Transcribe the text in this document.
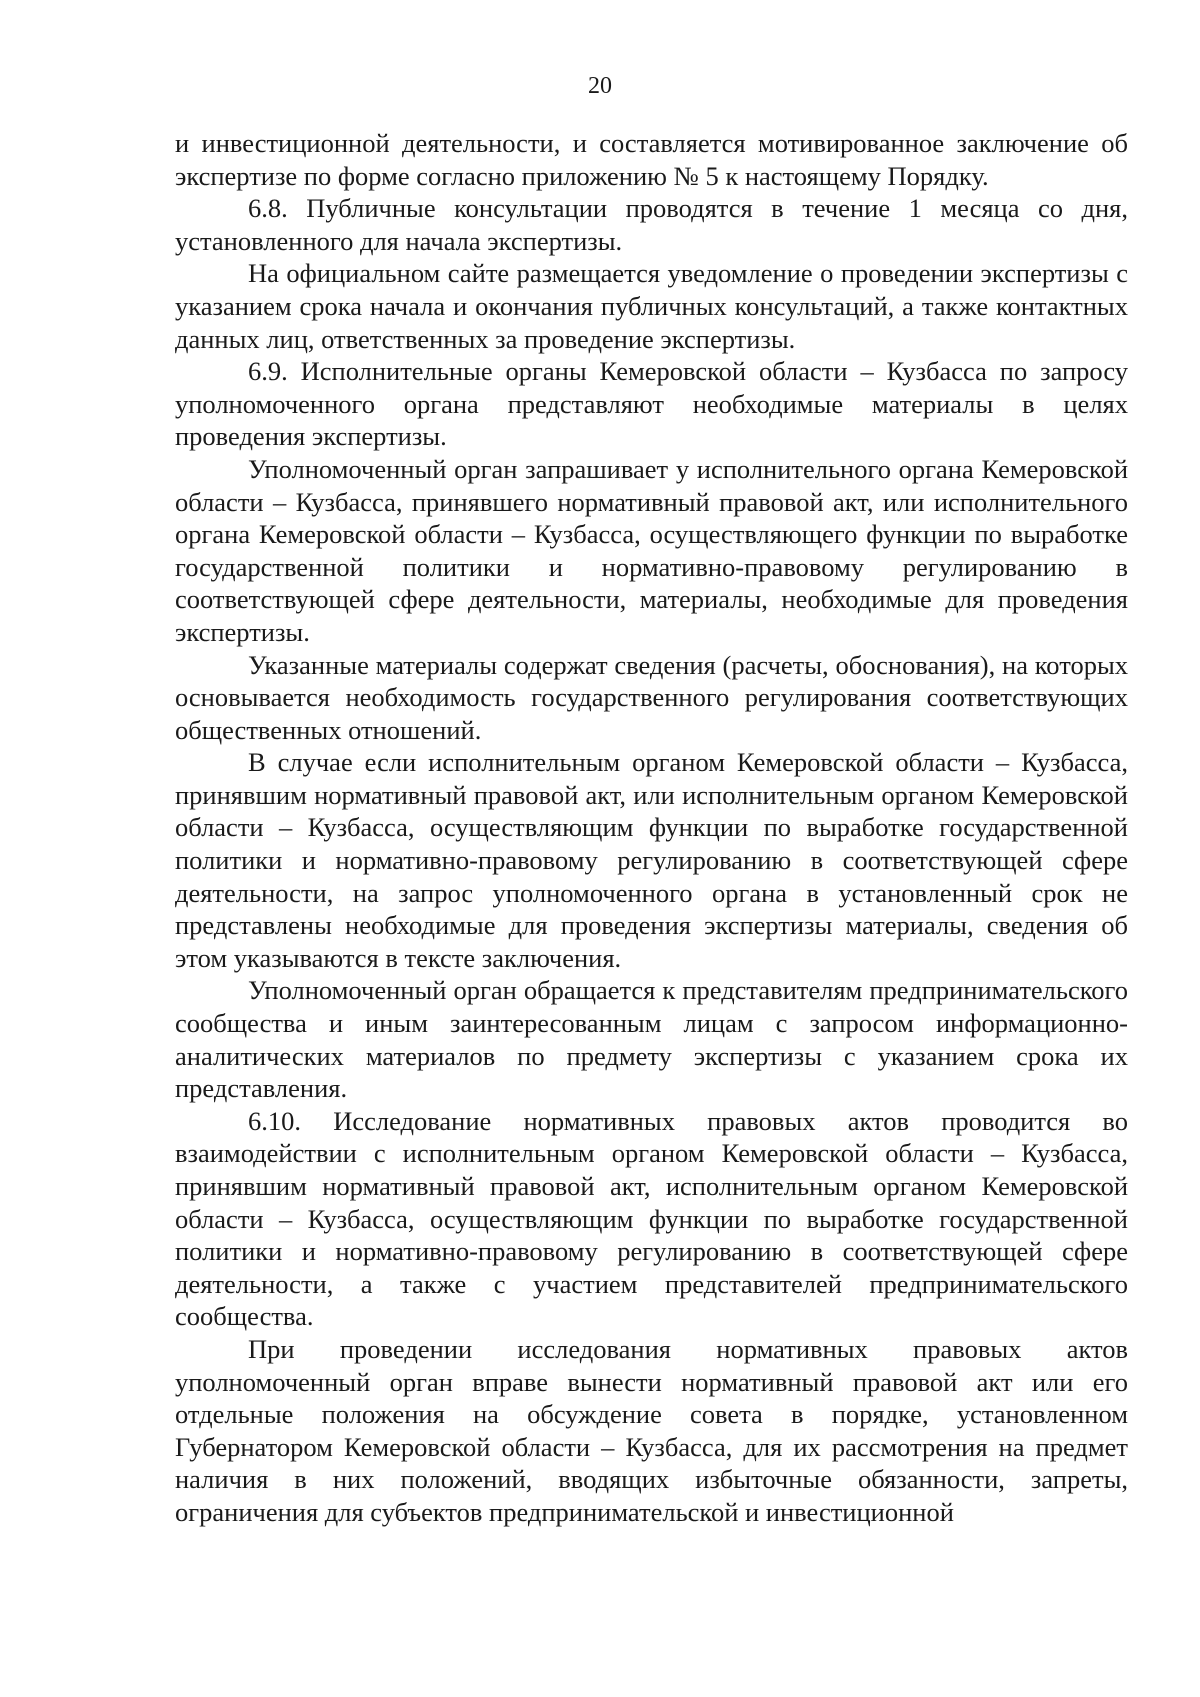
20

и инвестиционной деятельности, и составляется мотивированное заключение об экспертизе по форме согласно приложению № 5 к настоящему Порядку.

6.8. Публичные консультации проводятся в течение 1 месяца со дня, установленного для начала экспертизы.

На официальном сайте размещается уведомление о проведении экспертизы с указанием срока начала и окончания публичных консультаций, а также контактных данных лиц, ответственных за проведение экспертизы.

6.9. Исполнительные органы Кемеровской области – Кузбасса по запросу уполномоченного органа представляют необходимые материалы в целях проведения экспертизы.

Уполномоченный орган запрашивает у исполнительного органа Кемеровской области – Кузбасса, принявшего нормативный правовой акт, или исполнительного органа Кемеровской области – Кузбасса, осуществляющего функции по выработке государственной политики и нормативно-правовому регулированию в соответствующей сфере деятельности, материалы, необходимые для проведения экспертизы.

Указанные материалы содержат сведения (расчеты, обоснования), на которых основывается необходимость государственного регулирования соответствующих общественных отношений.

В случае если исполнительным органом Кемеровской области – Кузбасса, принявшим нормативный правовой акт, или исполнительным органом Кемеровской области – Кузбасса, осуществляющим функции по выработке государственной политики и нормативно-правовому регулированию в соответствующей сфере деятельности, на запрос уполномоченного органа в установленный срок не представлены необходимые для проведения экспертизы материалы, сведения об этом указываются в тексте заключения.

Уполномоченный орган обращается к представителям предпринимательского сообщества и иным заинтересованным лицам с запросом информационно-аналитических материалов по предмету экспертизы с указанием срока их представления.

6.10. Исследование нормативных правовых актов проводится во взаимодействии с исполнительным органом Кемеровской области – Кузбасса, принявшим нормативный правовой акт, исполнительным органом Кемеровской области – Кузбасса, осуществляющим функции по выработке государственной политики и нормативно-правовому регулированию в соответствующей сфере деятельности, а также с участием представителей предпринимательского сообщества.

При проведении исследования нормативных правовых актов уполномоченный орган вправе вынести нормативный правовой акт или его отдельные положения на обсуждение совета в порядке, установленном Губернатором Кемеровской области – Кузбасса, для их рассмотрения на предмет наличия в них положений, вводящих избыточные обязанности, запреты, ограничения для субъектов предпринимательской и инвестиционной
